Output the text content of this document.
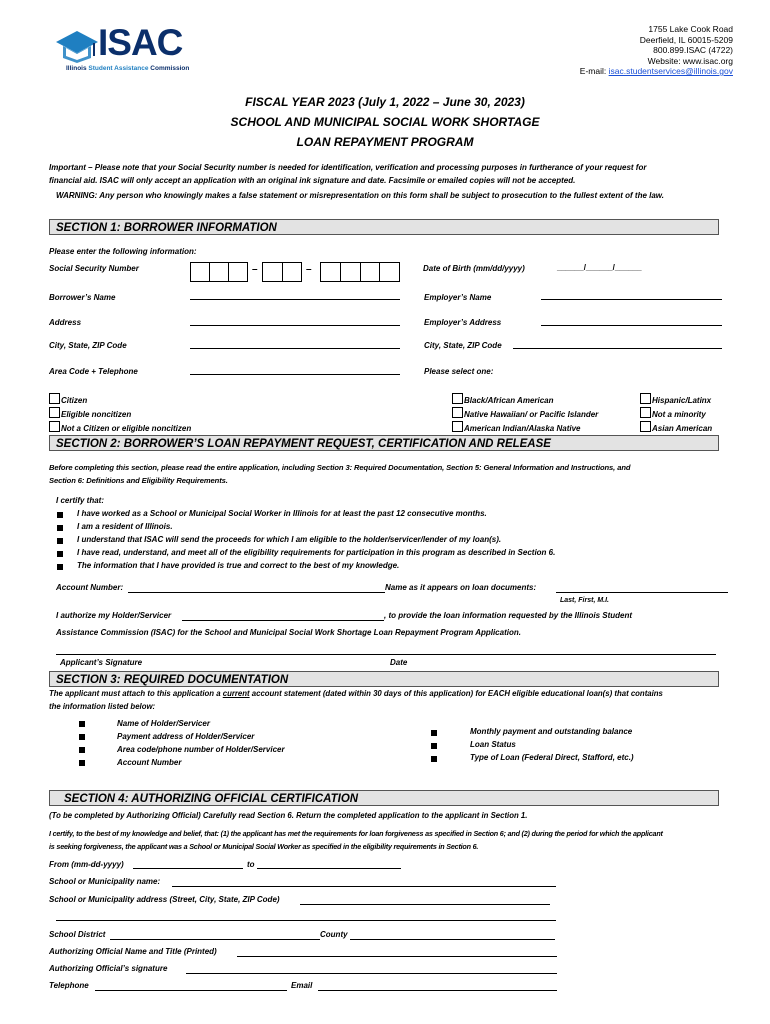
ISAC
Illinois Student Assistance Commission
1755 Lake Cook Road
Deerfield, IL 60015-5209
800.899.ISAC (4722)
Website: www.isac.org
E-mail: isac.studentservices@illinois.gov
FISCAL YEAR 2023 (July 1, 2022 – June 30, 2023)
SCHOOL AND MUNICIPAL SOCIAL WORK SHORTAGE
LOAN REPAYMENT PROGRAM
Important – Please note that your Social Security number is needed for identification, verification and processing purposes in furtherance of your request for
financial aid. ISAC will only accept an application with an original ink signature and date. Facsimile or emailed copies will not be accepted.
WARNING: Any person who knowingly makes a false statement or misrepresentation on this form shall be subject to prosecution to the fullest extent of the law.
SECTION 1: BORROWER INFORMATION
Please enter the following information:
Social Security Number	–	–	Date of Birth (mm/dd/yyyy)	______/______/______
Borrower’s Name
Address
City, State, ZIP Code
Area Code + Telephone
Employer’s Name
Employer’s Address
City, State, ZIP Code
Please select one:
Citizen
Eligible noncitizen
Not a Citizen or eligible noncitizen
Black/African American
Native Hawaiian/ or Pacific Islander
American Indian/Alaska Native
Hispanic/Latinx
Not a minority
Asian American
SECTION 2: BORROWER’S LOAN REPAYMENT REQUEST, CERTIFICATION AND RELEASE
Before completing this section, please read the entire application, including Section 3: Required Documentation, Section 5: General Information and Instructions, and
Section 6: Definitions and Eligibility Requirements.
I certify that:
I have worked as a School or Municipal Social Worker in Illinois for at least the past 12 consecutive months.
I am a resident of Illinois.
I understand that ISAC will send the proceeds for which I am eligible to the holder/servicer/lender of my loan(s).
I have read, understand, and meet all of the eligibility requirements for participation in this program as described in Section 6.
The information that I have provided is true and correct to the best of my knowledge.
Account Number:	Name as it appears on loan documents:
Last, First, M.I.
I authorize my Holder/Servicer	, to provide the loan information requested by the Illinois Student
Assistance Commission (ISAC) for the School and Municipal Social Work Shortage Loan Repayment Program Application.
Applicant’s Signature	Date
SECTION 3: REQUIRED DOCUMENTATION
The applicant must attach to this application a current account statement (dated within 30 days of this application) for EACH eligible educational loan(s) that contains
the information listed below:
Name of Holder/Servicer
Payment address of Holder/Servicer
Area code/phone number of Holder/Servicer
Account Number
Monthly payment and outstanding balance
Loan Status
Type of Loan (Federal Direct, Stafford, etc.)
SECTION 4: AUTHORIZING OFFICIAL CERTIFICATION
(To be completed by Authorizing Official) Carefully read Section 6. Return the completed application to the applicant in Section 1.
I certify, to the best of my knowledge and belief, that: (1) the applicant has met the requirements for loan forgiveness as specified in Section 6; and (2) during the period for which the applicant
is seeking forgiveness, the applicant was a School or Municipal Social Worker as specified in the eligibility requirements in Section 6.
From (mm-dd-yyyy)	to
School or Municipality name:
School or Municipality address (Street, City, State, ZIP Code)
School District	County
Authorizing Official Name and Title (Printed)
Authorizing Official’s signature
Telephone	Email
